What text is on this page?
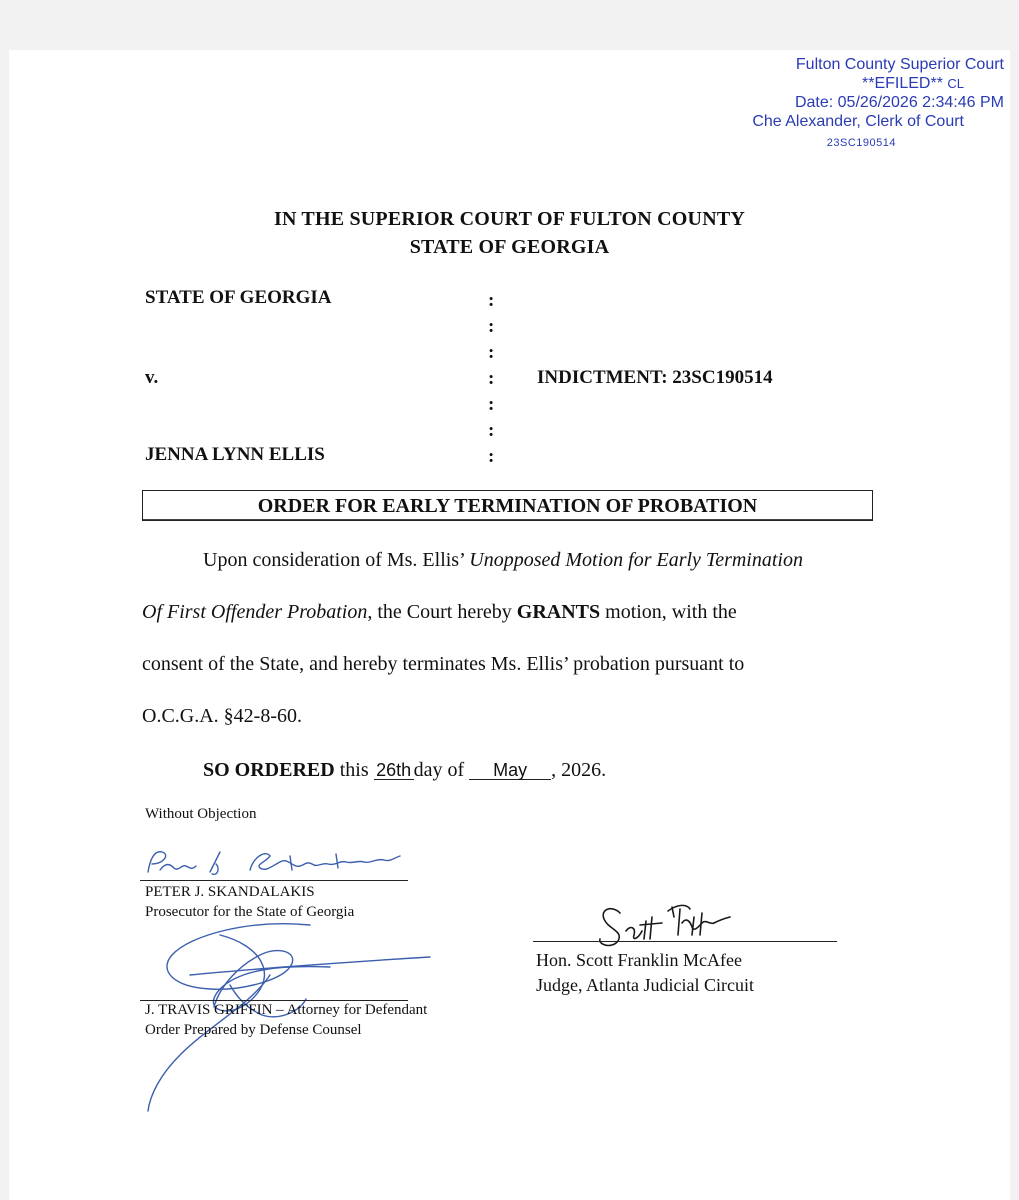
Fulton County Superior Court
**EFILED** CL
Date: 05/26/2026 2:34:46 PM
Che Alexander, Clerk of Court
23SC190514
IN THE SUPERIOR COURT OF FULTON COUNTY
STATE OF GEORGIA
STATE OF GEORGIA
v.
JENNA LYNN ELLIS
INDICTMENT: 23SC190514
:
:
:
:
:
:
:
ORDER FOR EARLY TERMINATION OF PROBATION
Upon consideration of Ms. Ellis’ Unopposed Motion for Early Termination
Of First Offender Probation, the Court hereby GRANTS motion, with the
consent of the State, and hereby terminates Ms. Ellis’ probation pursuant to
O.C.G.A. §42-8-60.
SO ORDERED this 26th day of May , 2026.
Without Objection
PETER J. SKANDALAKIS
Prosecutor for the State of Georgia
J. TRAVIS GRIFFIN – Attorney for Defendant
Order Prepared by Defense Counsel
Hon. Scott Franklin McAfee
Judge, Atlanta Judicial Circuit
